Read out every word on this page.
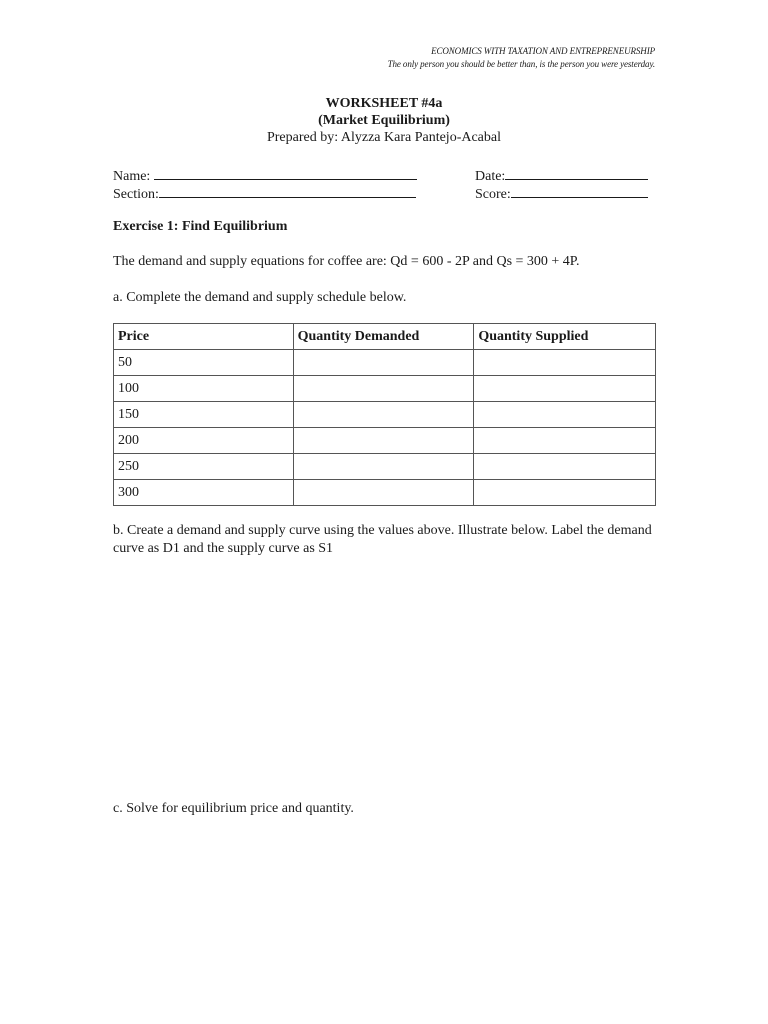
ECONOMICS WITH TAXATION AND ENTREPRENEURSHIP
The only person you should be better than, is the person you were yesterday.
WORKSHEET #4a
(Market Equilibrium)
Prepared by: Alyzza Kara Pantejo-Acabal
Name:
Section:
Date:
Score:
Exercise 1: Find Equilibrium
The demand and supply equations for coffee are: Qd = 600 - 2P and Qs = 300 + 4P.
a. Complete the demand and supply schedule below.
Price	Quantity Demanded	Quantity Supplied
50		
100		
150		
200		
250		
300		
b. Create a demand and supply curve using the values above. Illustrate below. Label the demand curve as D1 and the supply curve as S1
c. Solve for equilibrium price and quantity.
